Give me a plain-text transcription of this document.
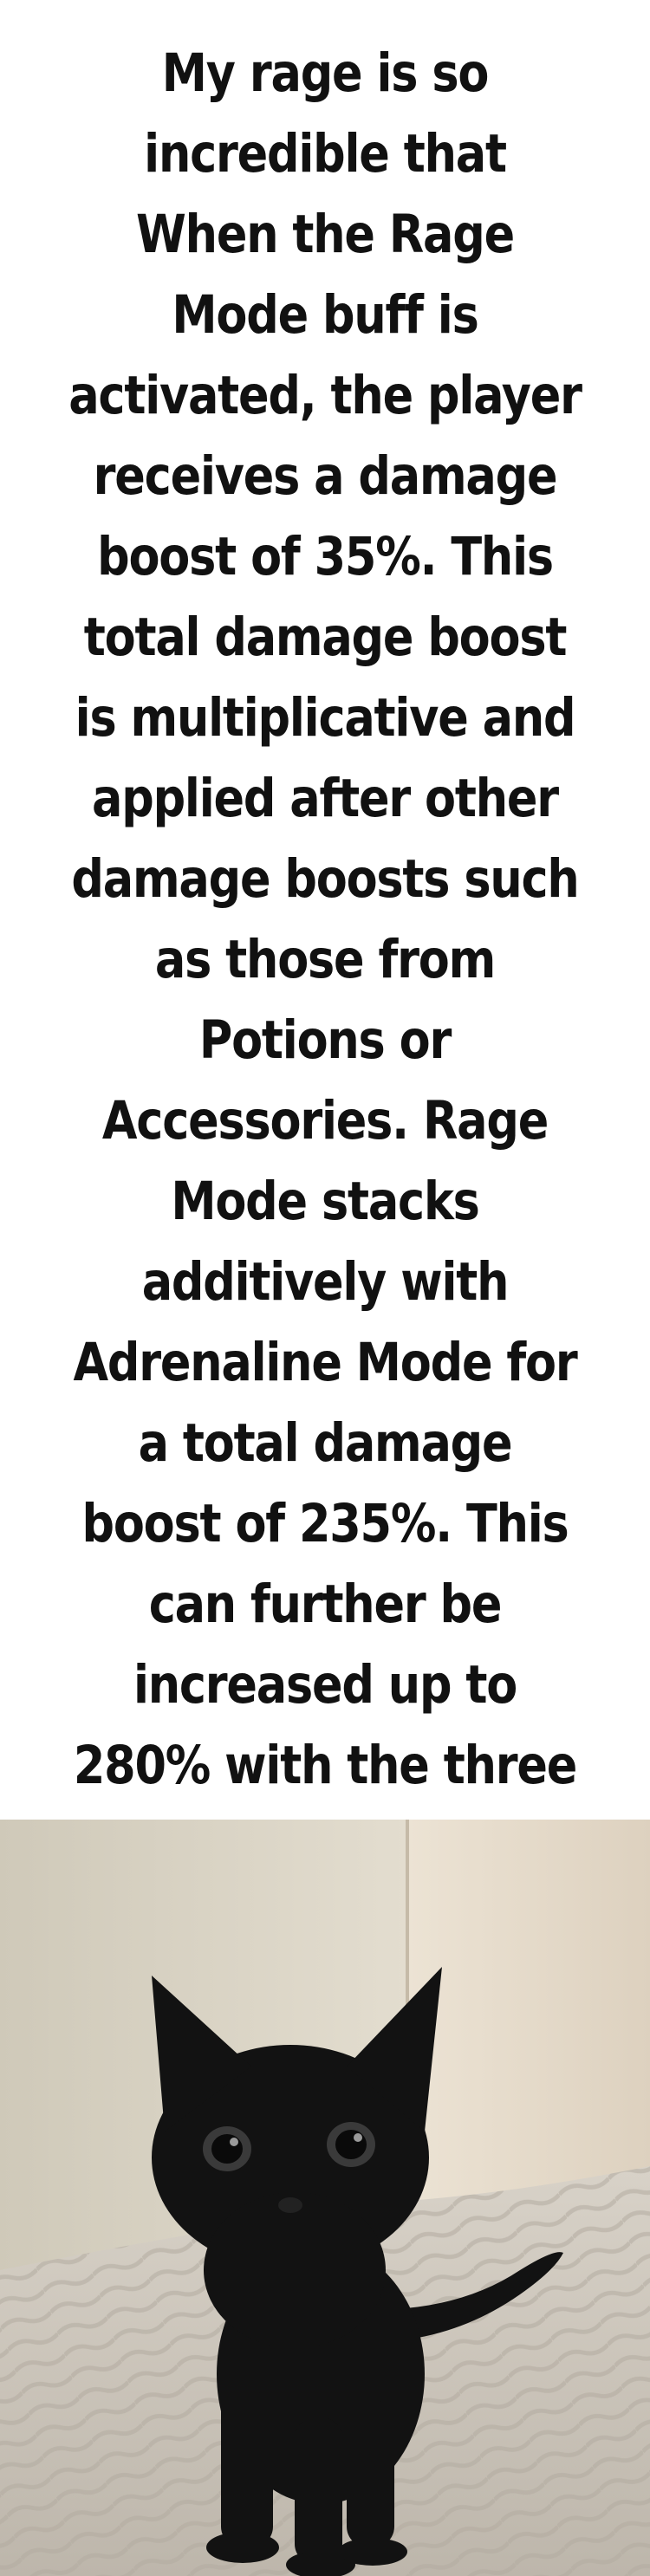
My rage is so incredible that When the Rage Mode buff is activated, the player receives a damage boost of 35%. This total damage boost is multiplicative and applied after other damage boosts such as those from Potions or Accessories. Rage Mode stacks additively with Adrenaline Mode for a total damage boost of 235%. This can further be increased up to 280% with the three
